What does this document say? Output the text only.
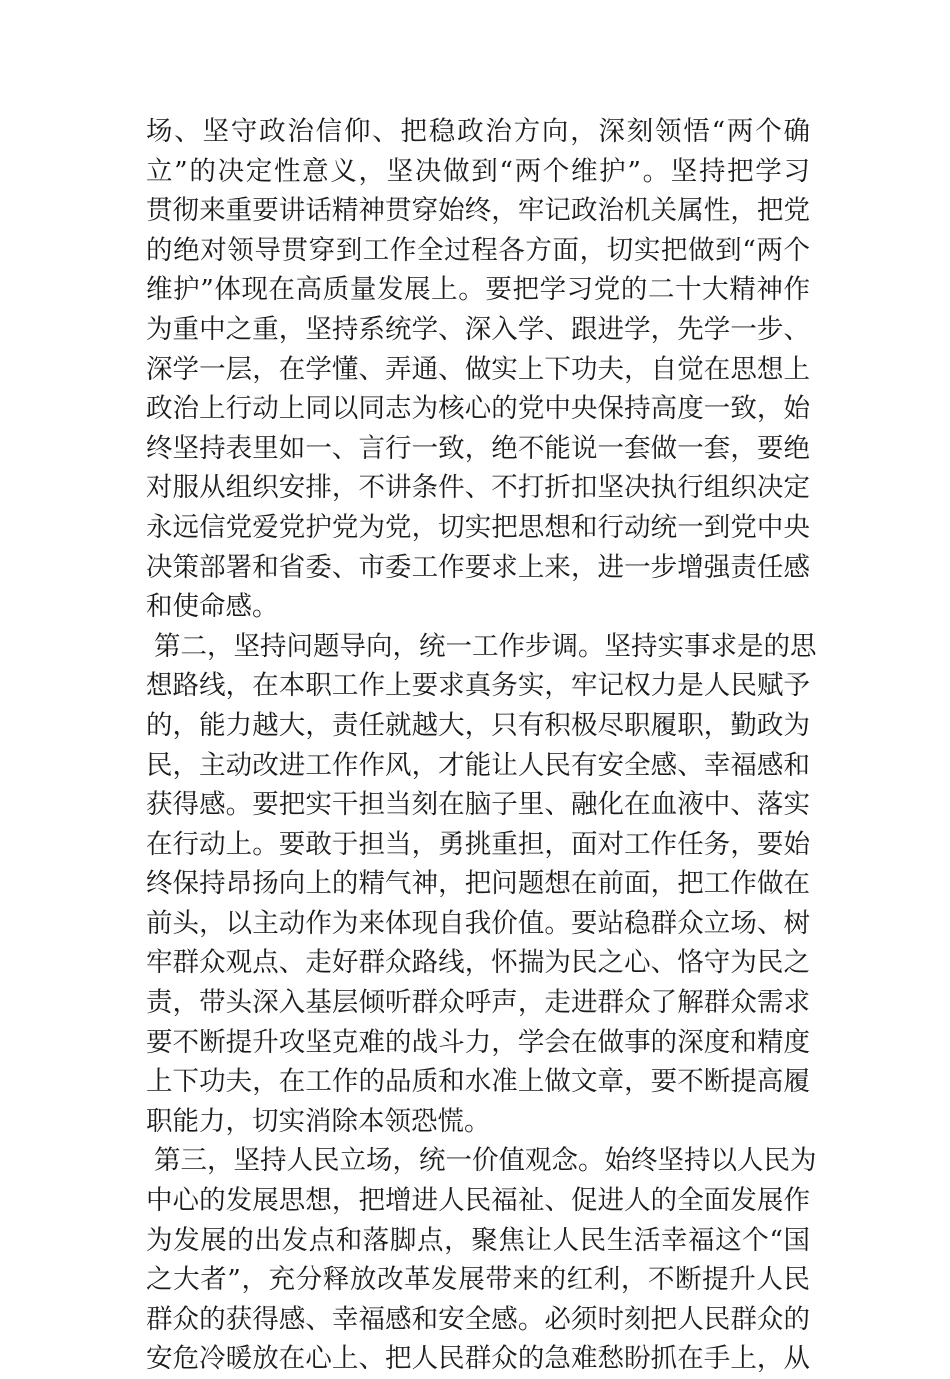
场、坚守政治信仰、把稳政治方向，深刻领悟“两个确
立”的决定性意义，坚决做到“两个维护”。坚持把学习
贯彻来重要讲话精神贯穿始终，牢记政治机关属性，把党
的绝对领导贯穿到工作全过程各方面，切实把做到“两个
维护”体现在高质量发展上。要把学习党的二十大精神作
为重中之重，坚持系统学、深入学、跟进学，先学一步、
深学一层，在学懂、弄通、做实上下功夫，自觉在思想上
政治上行动上同以同志为核心的党中央保持高度一致，始
终坚持表里如一、言行一致，绝不能说一套做一套，要绝
对服从组织安排，不讲条件、不打折扣坚决执行组织决定
永远信党爱党护党为党，切实把思想和行动统一到党中央
决策部署和省委、市委工作要求上来，进一步增强责任感
和使命感。
第二，坚持问题导向，统一工作步调。坚持实事求是的思
想路线，在本职工作上要求真务实，牢记权力是人民赋予
的，能力越大，责任就越大，只有积极尽职履职，勤政为
民，主动改进工作作风，才能让人民有安全感、幸福感和
获得感。要把实干担当刻在脑子里、融化在血液中、落实
在行动上。要敢于担当，勇挑重担，面对工作任务，要始
终保持昂扬向上的精气神，把问题想在前面，把工作做在
前头，以主动作为来体现自我价值。要站稳群众立场、树
牢群众观点、走好群众路线，怀揣为民之心、恪守为民之
责，带头深入基层倾听群众呼声，走进群众了解群众需求
要不断提升攻坚克难的战斗力，学会在做事的深度和精度
上下功夫，在工作的品质和水准上做文章，要不断提高履
职能力，切实消除本领恐慌。
第三，坚持人民立场，统一价值观念。始终坚持以人民为
中心的发展思想，把增进人民福祉、促进人的全面发展作
为发展的出发点和落脚点，聚焦让人民生活幸福这个“国
之大者”，充分释放改革发展带来的红利，不断提升人民
群众的获得感、幸福感和安全感。必须时刻把人民群众的
安危冷暖放在心上、把人民群众的急难愁盼抓在手上，从
